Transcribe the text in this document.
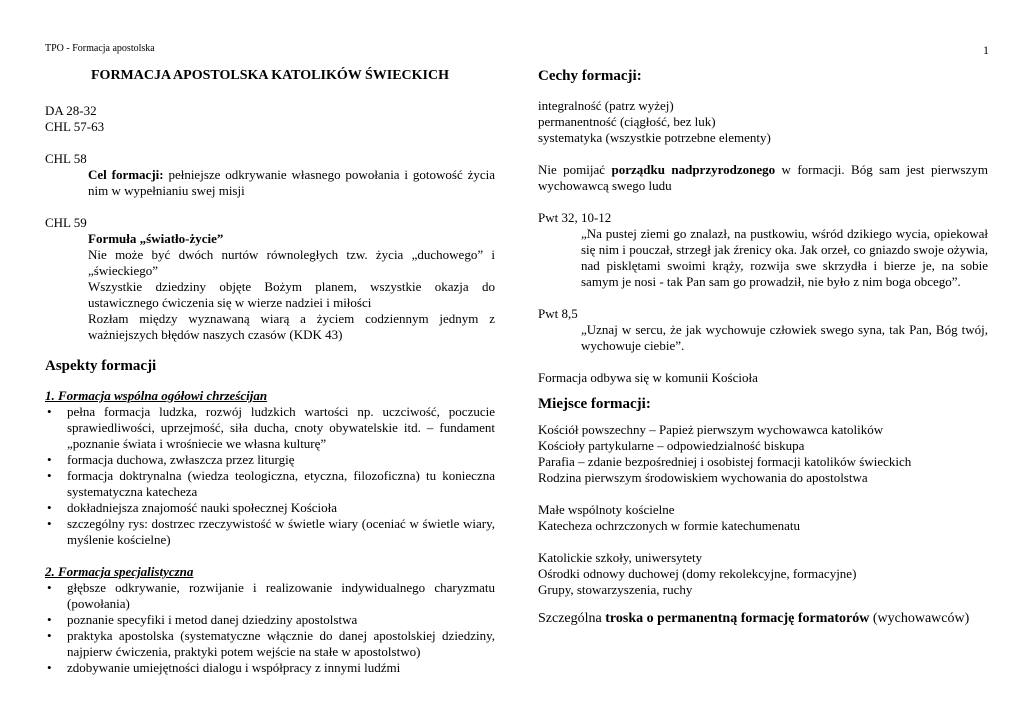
TPO - Formacja apostolska	1
FORMACJA APOSTOLSKA KATOLIKÓW ŚWIECKICH

DA 28-32

CHL 57-63

CHL 58

Cel formacji: pełniejsze odkrywanie własnego powołania i gotowość życia nim w wypełnianiu swej misji

CHL 59

Formuła „światło-życie”

Nie może być dwóch nurtów równoległych tzw. życia „duchowego” i „świeckiego”

Wszystkie dziedziny objęte Bożym planem, wszystkie okazja do ustawicznego ćwiczenia się w wierze nadziei i miłości

Rozłam między wyznawaną wiarą a życiem codziennym jednym z ważniejszych błędów naszych czasów (KDK 43)

Aspekty formacji

1. Formacja wspólna ogółowi chrześcijan

• pełna formacja ludzka, rozwój ludzkich wartości np. uczciwość, poczucie sprawiedliwości, uprzejmość, siła ducha, cnoty obywatelskie itd. – fundament „poznanie świata i wrośniecie we własna kulturę”
• formacja duchowa, zwłaszcza przez liturgię
• formacja doktrynalna (wiedza teologiczna, etyczna, filozoficzna) tu konieczna systematyczna katecheza
• dokładniejsza znajomość nauki społecznej Kościoła
• szczególny rys: dostrzec rzeczywistość w świetle wiary (oceniać w świetle wiary, myślenie kościelne)

2. Formacja specjalistyczna

• głębsze odkrywanie, rozwijanie i realizowanie indywidualnego charyzmatu (powołania)
• poznanie specyfiki i metod danej dziedziny apostolstwa
• praktyka apostolska (systematyczne włącznie do danej apostolskiej dziedziny, najpierw ćwiczenia, praktyki potem wejście na stałe w apostolstwo)
• zdobywanie umiejętności dialogu i współpracy z innymi ludźmi

Cechy formacji:

integralność (patrz wyżej)

permanentność (ciągłość, bez luk)

systematyka (wszystkie potrzebne elementy)

Nie pomijać porządku nadprzyrodzonego w formacji. Bóg sam jest pierwszym wychowawcą swego ludu

Pwt 32, 10-12

„Na pustej ziemi go znalazł, na pustkowiu, wśród dzikiego wycia, opiekował się nim i pouczał, strzegł jak źrenicy oka. Jak orzeł, co gniazdo swoje ożywia, nad pisklętami swoimi krąży, rozwija swe skrzydła i bierze je, na sobie samym je nosi - tak Pan sam go prowadził, nie było z nim boga obcego”.

Pwt 8,5

„Uznaj w sercu, że jak wychowuje człowiek swego syna, tak Pan, Bóg twój, wychowuje ciebie”.

Formacja odbywa się w komunii Kościoła

Miejsce formacji:

Kościół powszechny – Papież pierwszym wychowawca katolików

Kościoły partykularne – odpowiedzialność biskupa

Parafia – zdanie bezpośredniej i osobistej formacji katolików świeckich

Rodzina pierwszym środowiskiem wychowania do apostolstwa

Małe wspólnoty kościelne

Katecheza ochrzczonych w formie katechumenatu

Katolickie szkoły, uniwersytety

Ośrodki odnowy duchowej (domy rekolekcyjne, formacyjne)

Grupy, stowarzyszenia, ruchy

Szczególna troska o permanentną formację formatorów (wychowawców)
